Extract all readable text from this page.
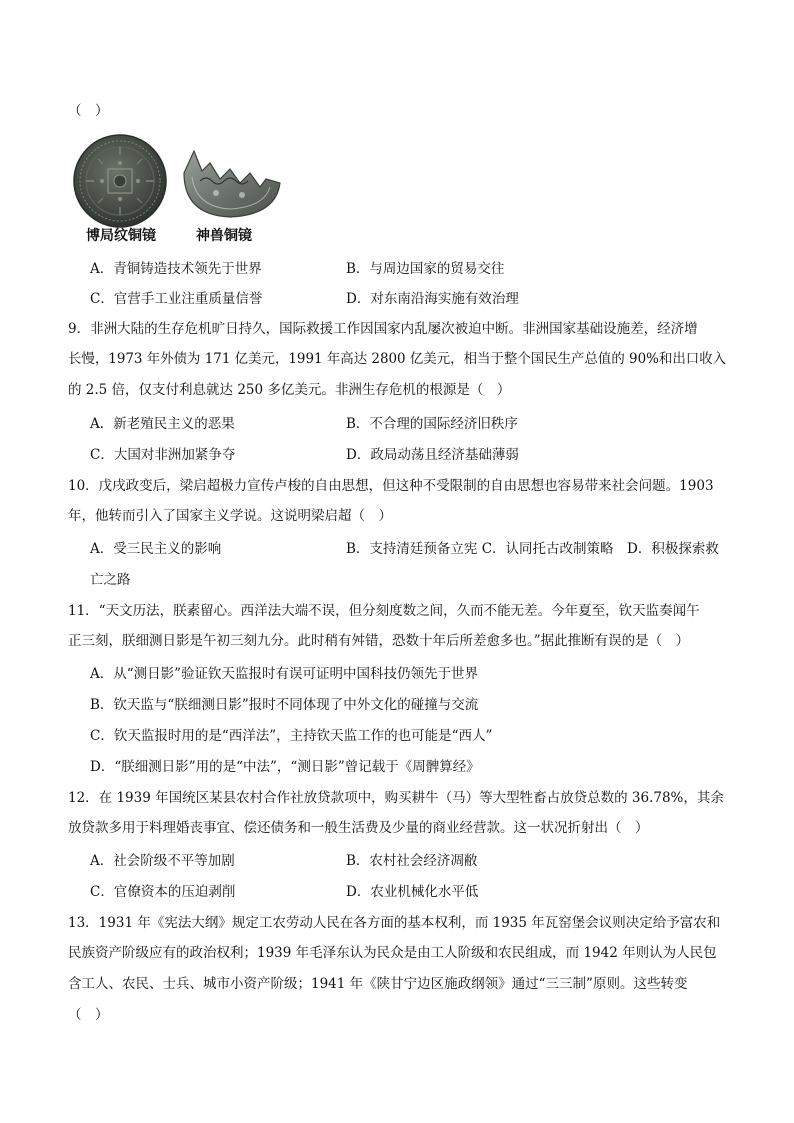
（　）
博局纹铜镜	神兽铜镜
A．青铜铸造技术领先于世界	B．与周边国家的贸易交往
C．官营手工业注重质量信誉	D．对东南沿海实施有效治理
9．非洲大陆的生存危机旷日持久，国际救援工作因国家内乱屡次被迫中断。非洲国家基础设施差，经济增
长慢，1973 年外债为 171 亿美元，1991 年高达 2800 亿美元，相当于整个国民生产总值的 90%和出口收入
的 2.5 倍，仅支付利息就达 250 多亿美元。非洲生存危机的根源是（　）
A．新老殖民主义的恶果	B．不合理的国际经济旧秩序
C．大国对非洲加紧争夺	D．政局动荡且经济基础薄弱
10．戊戌政变后，梁启超极力宣传卢梭的自由思想，但这种不受限制的自由思想也容易带来社会问题。1903
年，他转而引入了国家主义学说。这说明梁启超（　）
A．受三民主义的影响	B．支持清廷预备立宪 C．认同托古改制策略　D．积极探索救
亡之路
11．“天文历法，朕素留心。西洋法大端不误，但分刻度数之间，久而不能无差。今年夏至，钦天监奏闻午
正三刻，朕细测日影是午初三刻九分。此时稍有舛错，恐数十年后所差愈多也。”据此推断有误的是（　）
A．从“测日影”验证钦天监报时有误可证明中国科技仍领先于世界
B．钦天监与“朕细测日影”报时不同体现了中外文化的碰撞与交流
C．钦天监报时用的是“西洋法”，主持钦天监工作的也可能是“西人”
D．“朕细测日影”用的是“中法”，“测日影”曾记载于《周髀算经》
12．在 1939 年国统区某县农村合作社放贷款项中，购买耕牛（马）等大型牲畜占放贷总数的 36.78%，其余
放贷款多用于料理婚丧事宜、偿还债务和一般生活费及少量的商业经营款。这一状况折射出（　）
A．社会阶级不平等加剧	B．农村社会经济凋敝
C．官僚资本的压迫剥削	D．农业机械化水平低
13．1931 年《宪法大纲》规定工农劳动人民在各方面的基本权利，而 1935 年瓦窑堡会议则决定给予富农和
民族资产阶级应有的政治权利；1939 年毛泽东认为民众是由工人阶级和农民组成，而 1942 年则认为人民包
含工人、农民、士兵、城市小资产阶级；1941 年《陕甘宁边区施政纲领》通过“三三制”原则。这些转变
（　）
